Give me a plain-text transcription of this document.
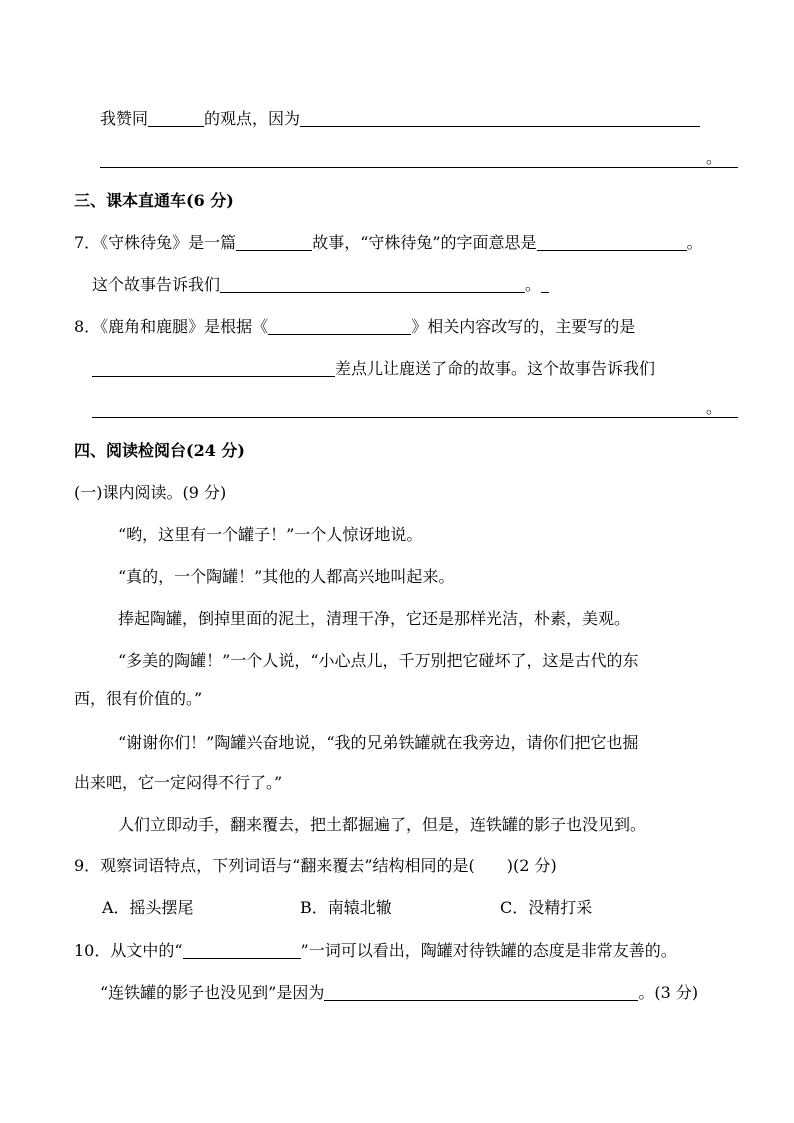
我赞同	的观点，因为
。
三、课本直通车(6 分)
7．《守株待兔》是一篇	故事，“守株待兔”的字面意思是	。
这个故事告诉我们	。
8．《鹿角和鹿腿》是根据《	》相关内容改写的，主要写的是
差点儿让鹿送了命的故事。这个故事告诉我们
。
四、阅读检阅台(24 分)
(一)课内阅读。(9 分)
“哟，这里有一个罐子！”一个人惊讶地说。
“真的，一个陶罐！”其他的人都高兴地叫起来。
捧起陶罐，倒掉里面的泥土，清理干净，它还是那样光洁，朴素，美观。
“多美的陶罐！”一个人说，“小心点儿，千万别把它碰坏了，这是古代的东
西，很有价值的。”
“谢谢你们！”陶罐兴奋地说，“我的兄弟铁罐就在我旁边，请你们把它也掘
出来吧，它一定闷得不行了。”
人们立即动手，翻来覆去，把土都掘遍了，但是，连铁罐的影子也没见到。
9．观察词语特点，下列词语与“翻来覆去”结构相同的是( )(2 分)
A．摇头摆尾	B．南辕北辙	C．没精打采
10．从文中的“	”一词可以看出，陶罐对待铁罐的态度是非常友善的。
“连铁罐的影子也没见到”是因为	。(3 分)
